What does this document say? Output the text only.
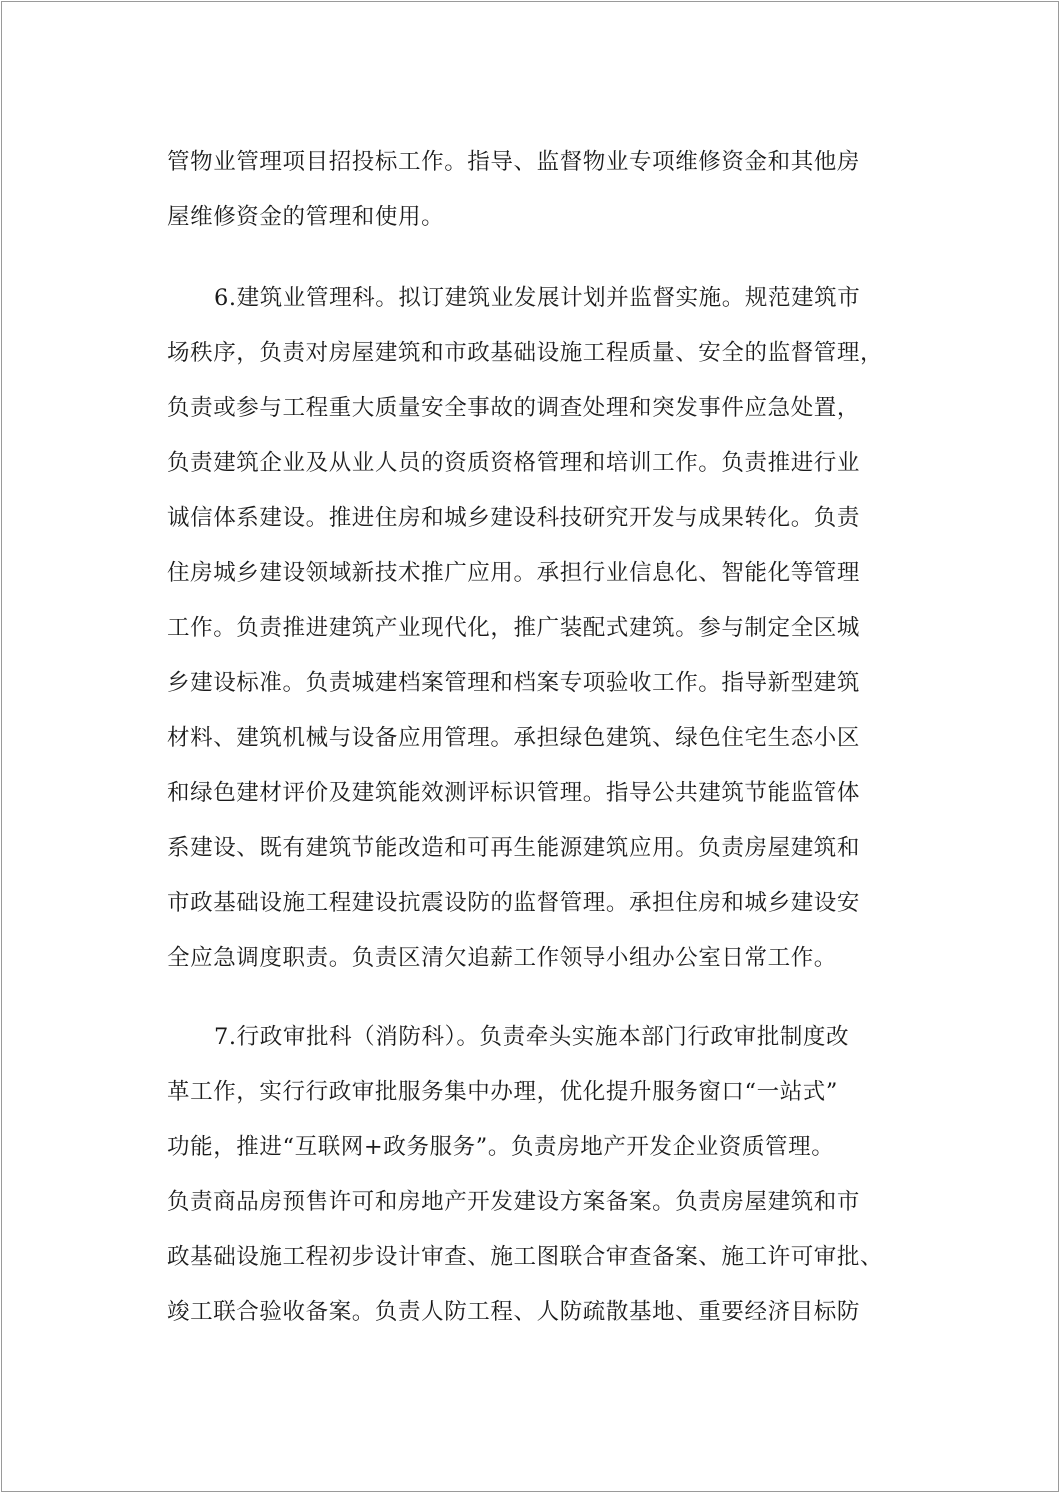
管物业管理项目招投标工作。指导、监督物业专项维修资金和其他房
屋维修资金的管理和使用。
6.建筑业管理科。拟订建筑业发展计划并监督实施。规范建筑市
场秩序，负责对房屋建筑和市政基础设施工程质量、安全的监督管理，
负责或参与工程重大质量安全事故的调查处理和突发事件应急处置，
负责建筑企业及从业人员的资质资格管理和培训工作。负责推进行业
诚信体系建设。推进住房和城乡建设科技研究开发与成果转化。负责
住房城乡建设领域新技术推广应用。承担行业信息化、智能化等管理
工作。负责推进建筑产业现代化，推广装配式建筑。参与制定全区城
乡建设标准。负责城建档案管理和档案专项验收工作。指导新型建筑
材料、建筑机械与设备应用管理。承担绿色建筑、绿色住宅生态小区
和绿色建材评价及建筑能效测评标识管理。指导公共建筑节能监管体
系建设、既有建筑节能改造和可再生能源建筑应用。负责房屋建筑和
市政基础设施工程建设抗震设防的监督管理。承担住房和城乡建设安
全应急调度职责。负责区清欠追薪工作领导小组办公室日常工作。
7.行政审批科（消防科）。负责牵头实施本部门行政审批制度改
革工作，实行行政审批服务集中办理，优化提升服务窗口“一站式”
功能，推进“互联网+政务服务”。负责房地产开发企业资质管理。
负责商品房预售许可和房地产开发建设方案备案。负责房屋建筑和市
政基础设施工程初步设计审查、施工图联合审查备案、施工许可审批、
竣工联合验收备案。负责人防工程、人防疏散基地、重要经济目标防
